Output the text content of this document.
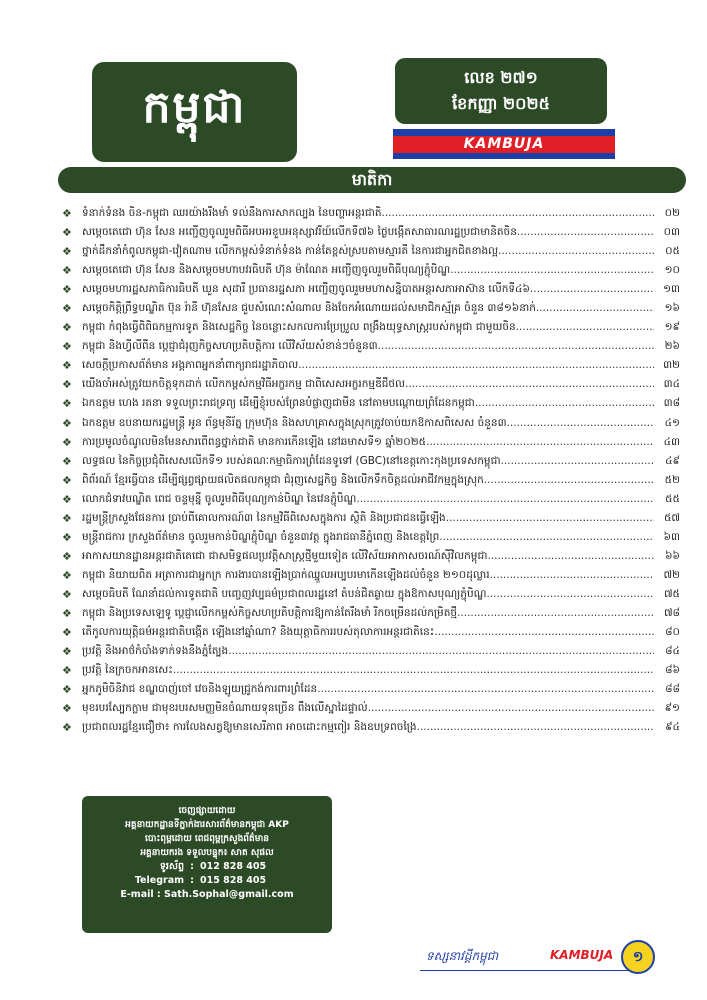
កម្ពុជា
លេខ ២៧១
ខែកញ្ញា ២០២៥
KAMBUJA
មាតិកា
❖ ទំនាក់ទំនង ចិន-កម្ពុជា ឈរយ៉ាងរឹងមាំ ទល់នឹងការសាកល្បង នៃបញ្ហាអន្តរជាតិ .....	០២
❖ សម្តេចតេជោ ហ៊ុន សែន អញ្ជើញចូលរួមពិធីអបអរខួបអនុស្សាវរីយ៍លើកទី៧៦ ថ្ងៃបង្កើតសាធារណរដ្ឋប្រជាមានិតចិន .....	០៣
❖ ថ្នាក់ដឹកនាំកំពូលកម្ពុជា-វៀតណាម លើកកម្ពស់ទំនាក់ទំនង កាន់តែខ្ពស់ស្របតាមស្មារតី នៃការជាអ្នកជិតខាងល្អ .....	០៥
❖ សម្តេចតេជោ ហ៊ុន សែន និងសម្តេចមហាបវរធិបតី ហ៊ុន ម៉ាណែត អញ្ជើញចូលរួមពិធីបុណ្យភ្ជុំបិណ្ឌ .....	១០
❖ សម្តេចមហារដ្ឋសភាធិការធិបតី ឃួន សុដារី ប្រធានរដ្ឋសភា អញ្ជើញចូលរួមមហាសន្និបាតអន្តរសភាអាស៊ាន លើកទី៤៦ .....	១៣
❖ សម្តេចកិត្តិព្រឹទ្ធបណ្ឌិត ប៊ុន រ៉ានី ហ៊ុនសែន ជួបសំណេះសំណាល និងចែកអំណោយដល់សមាជិកស្ម័គ្រ ចំនួន ៣៨១៦នាក់ .....	១៦
❖ កម្ពុជា កំពុងធ្វើពិពិធកម្មការទូត និងសេដ្ឋកិច្ច នៃចន្លោះសកលការប្រែប្រួល ពង្រឹងយុទ្ធសាស្រ្តរបស់កម្ពុជា ជាមួយចិន .....	១៩
❖ កម្ពុជា និងហ្វីលីពីន ប្តេជ្ញាជំរុញកិច្ចសហប្រតិបត្តិការ លើវិស័យសំខាន់ៗចំនួន៣ .....	២៦
❖ សេចក្តីប្រកាសព័ត៌មាន អង្គភាពអ្នកនាំពាក្យរាជរដ្ឋាភិបាល .....	៣២
❖ យើងចាំអស់ត្រូវយកចិត្តទុកដាក់ លើកកម្ពស់កម្មវិធីអក្ខរកម្ម ជាពិសេសអក្ខរកម្មឌីជីថល .....	៣៤
❖ ឯកឧត្តម ហេង រតនា ទទួលព្រះរាជទ្រព្យ ដើម្បីខ្ញុំរបស់ព្រែនបំផ្លាញជាមីន នៅតាមបណ្តោយព្រំដែនកម្ពុជា .....	៣៨
❖ ឯកឧត្តម ឧបនាយករដ្ឋមន្ត្រី អូន ព័ន្ធមុនីរ័ត្ន ក្រុមហ៊ុន និងសហគ្រាសក្នុងស្រុកត្រូវចាប់យកឱកាសពិសេស ចំនួន៣ .....	៤១
❖ ការប្រមូលចំណូលមិនមែនសារពើពន្ធថ្នាក់ជាតិ មានការកើនឡើង នៅឆមាសទី១ ឆ្នាំ២០២៥ .....	៤៣
❖ លទ្ធផល នៃកិច្ចប្រជុំពិសេសលើកទី១ របស់គណៈកម្មាធិការព្រំដែនទូទៅ (GBC)នៅខេត្តកោះកុងប្រទេសកម្ពុជា .....	៤៩
❖ ពិព័រណ៍ ខ្មែរធ្វើបាន ដើម្បីផ្សព្វផ្សាយផលិតផលកម្ពុជា ជំរុញសេដ្ឋកិច្ច និងលើកទឹកចិត្តដល់អាជីវកម្មក្នុងស្រុក .....	៥២
❖ លោកជំទាវបណ្ឌិត ពេជ ចន្ទមុន្នី ចូលរួមពិធីបុណ្យកាន់បិណ្ឌ នៃវេនភ្ជុំបិណ្ឌ .....	៥៥
❖ រដ្ឋមន្ត្រីក្រសួងផែនការ ប្រាប់ពីគោលការណ៍៣ នៃកម្មវិធីពិសេសក្នុងការ ស្ថិតិ និងប្រជាជនធ្វើឡើង .....	៥៧
❖ មន្ត្រីរាជការ ក្រសួងព័ត៌មាន ចូលរួមកាន់បិណ្ឌភ្ជុំបិណ្ឌ ចំនួន៣វត្ត ក្នុងរាជធានីភ្នំពេញ និងខេត្តព្រៃ .....	៦៣
❖ អាកាសយានដ្ឋានអន្តរជាតិតេជោ ជាសមិទ្ធផលប្រវត្តិសាស្រ្តថ្មីមួយទៀត លើវិស័យអាកាសចរណ៍ស៊ីវិលកម្ពុជា .....	៦៦
❖ កម្ពុជា និយាយពិត អត្រាការជាអ្នកក្រ ការងារបានឡើងប្រាក់ឈ្នួលអប្បបរមាកើនឡើងដល់ចំនួន ២១០ដុល្លារ .....	៧២
❖ សម្តេចធិបតី ណែនាំដល់ការទូតជាតិ បញ្ចេញវប្បធម៌ប្រជាពលរដ្ឋនៅ តំបន់ជិតឆ្ងាយ ក្នុងឱកាសបុណ្យភ្ជុំបិណ្ឌ .....	៧៥
❖ កម្ពុជា និងប្រទេសឡេទូ ប្តេជ្ញាលើកកម្ពស់កិច្ចសហប្រតិបត្តិការឱ្យកាន់តែរឹងមាំ រីកចម្រើនដល់កម្រិតថ្មី .....	៧៨
❖ តើកូលការយុត្តិធម៌អន្តរជាតិបង្កើត ឡើងនៅឆ្នាំណា? និងយុត្តាធិការរបស់តុលាការអន្តរជាតិនេះ .....	៨០
❖ ប្រវត្តិ និងអាថ៌កំបាំងទាក់ទងនឹងភ្នំត្បែង .....	៨៤
❖ ប្រវត្តិ នៃក្រចកអានសេះ .....	៨៦
❖ អ្នកភូមិចិនិវាជ ខណ្ឌបាញ់ចៅ វេចនិងឡូយជ្រូកង់ការពារព្រំដែន .....	៨៨
❖ មុខរបរស្បែកក្លាម ជាមុខរបរសមញ្ញមិនចំណាយទុនច្រើន ពឹងលើស្នាដៃផ្ទាល់ .....	៩១
❖ ប្រជាពលរដ្ឋខ្មែរជឿថា៖ ការលែងសត្វឱ្យមានសេរីភាព អាចដោះកម្មពៀរ និងឧបទ្រពចង្រៃ .....	៩៤
ចេញផ្សាយដោយ
អគ្គនាយកដ្ឋានទីភ្នាក់ងារសារព័ត៌មានកម្ពុជា AKP
បោះពុម្ពដោយ ពេជពុម្ពក្រសួងព័ត៌មាន
អគ្គនាយករង ទទួលបន្ទុក៖ សាត សុផល
ទូរស័ព្ទ : 012 828 405
Telegram : 015 828 405
E-mail : Sath.Sophal@gmail.com
ទស្សនាវដ្តីកម្ពុជា	KAMBUJA	១
